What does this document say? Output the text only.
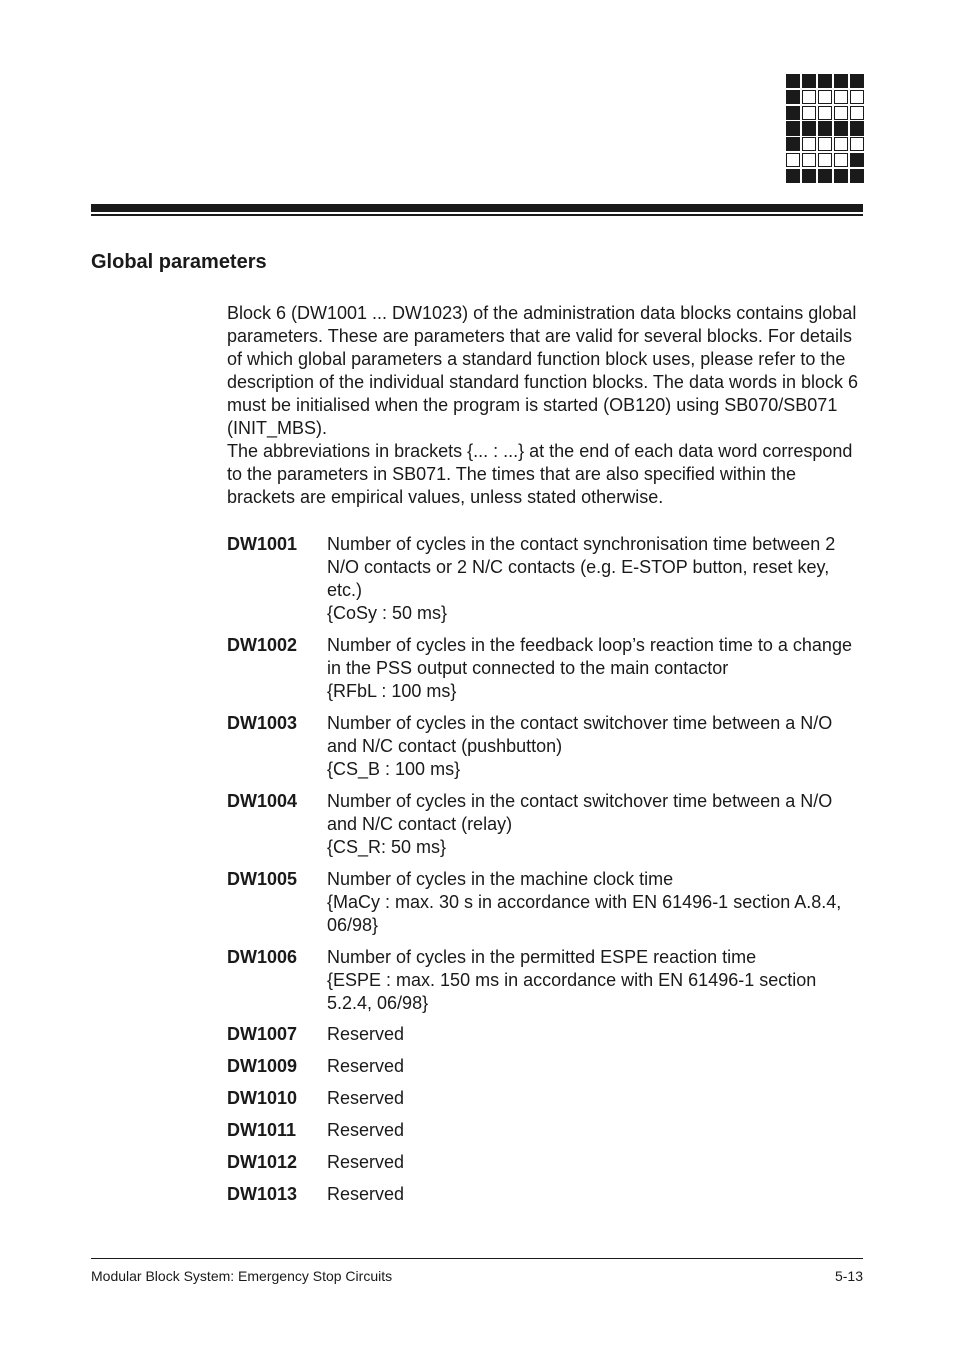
Global parameters

Block 6 (DW1001 ... DW1023) of the administration data blocks contains global parameters. These are parameters that are valid for several blocks. For details of which global parameters a standard function block uses, please refer to the description of the individual standard function blocks. The data words in block 6 must be initialised when the program is started (OB120) using SB070/SB071 (INIT_MBS).

The abbreviations in brackets {... : ...} at the end of each data word correspond to the parameters in SB071. The times that are also specified within the brackets are empirical values, unless stated otherwise.

DW1001	Number of cycles in the contact synchronisation time between 2 N/O contacts or 2 N/C contacts (e.g. E-STOP button, reset key, etc.)
{CoSy : 50 ms}
DW1002	Number of cycles in the feedback loop’s reaction time to a change in the PSS output connected to the main contactor
{RFbL : 100 ms}
DW1003	Number of cycles in the contact switchover time between a N/O and N/C contact (pushbutton)
{CS_B : 100 ms}
DW1004	Number of cycles in the contact switchover time between a N/O and N/C contact (relay)
{CS_R: 50 ms}
DW1005	Number of cycles in the machine clock time
{MaCy : max. 30 s in accordance with EN 61496-1 section A.8.4, 06/98}
DW1006	Number of cycles in the permitted ESPE reaction time
{ESPE : max. 150 ms in accordance with EN 61496-1 section 5.2.4, 06/98}
DW1007	Reserved
DW1009	Reserved
DW1010	Reserved
DW1011	Reserved
DW1012	Reserved
DW1013	Reserved
Modular Block System: Emergency Stop Circuits	5-13
